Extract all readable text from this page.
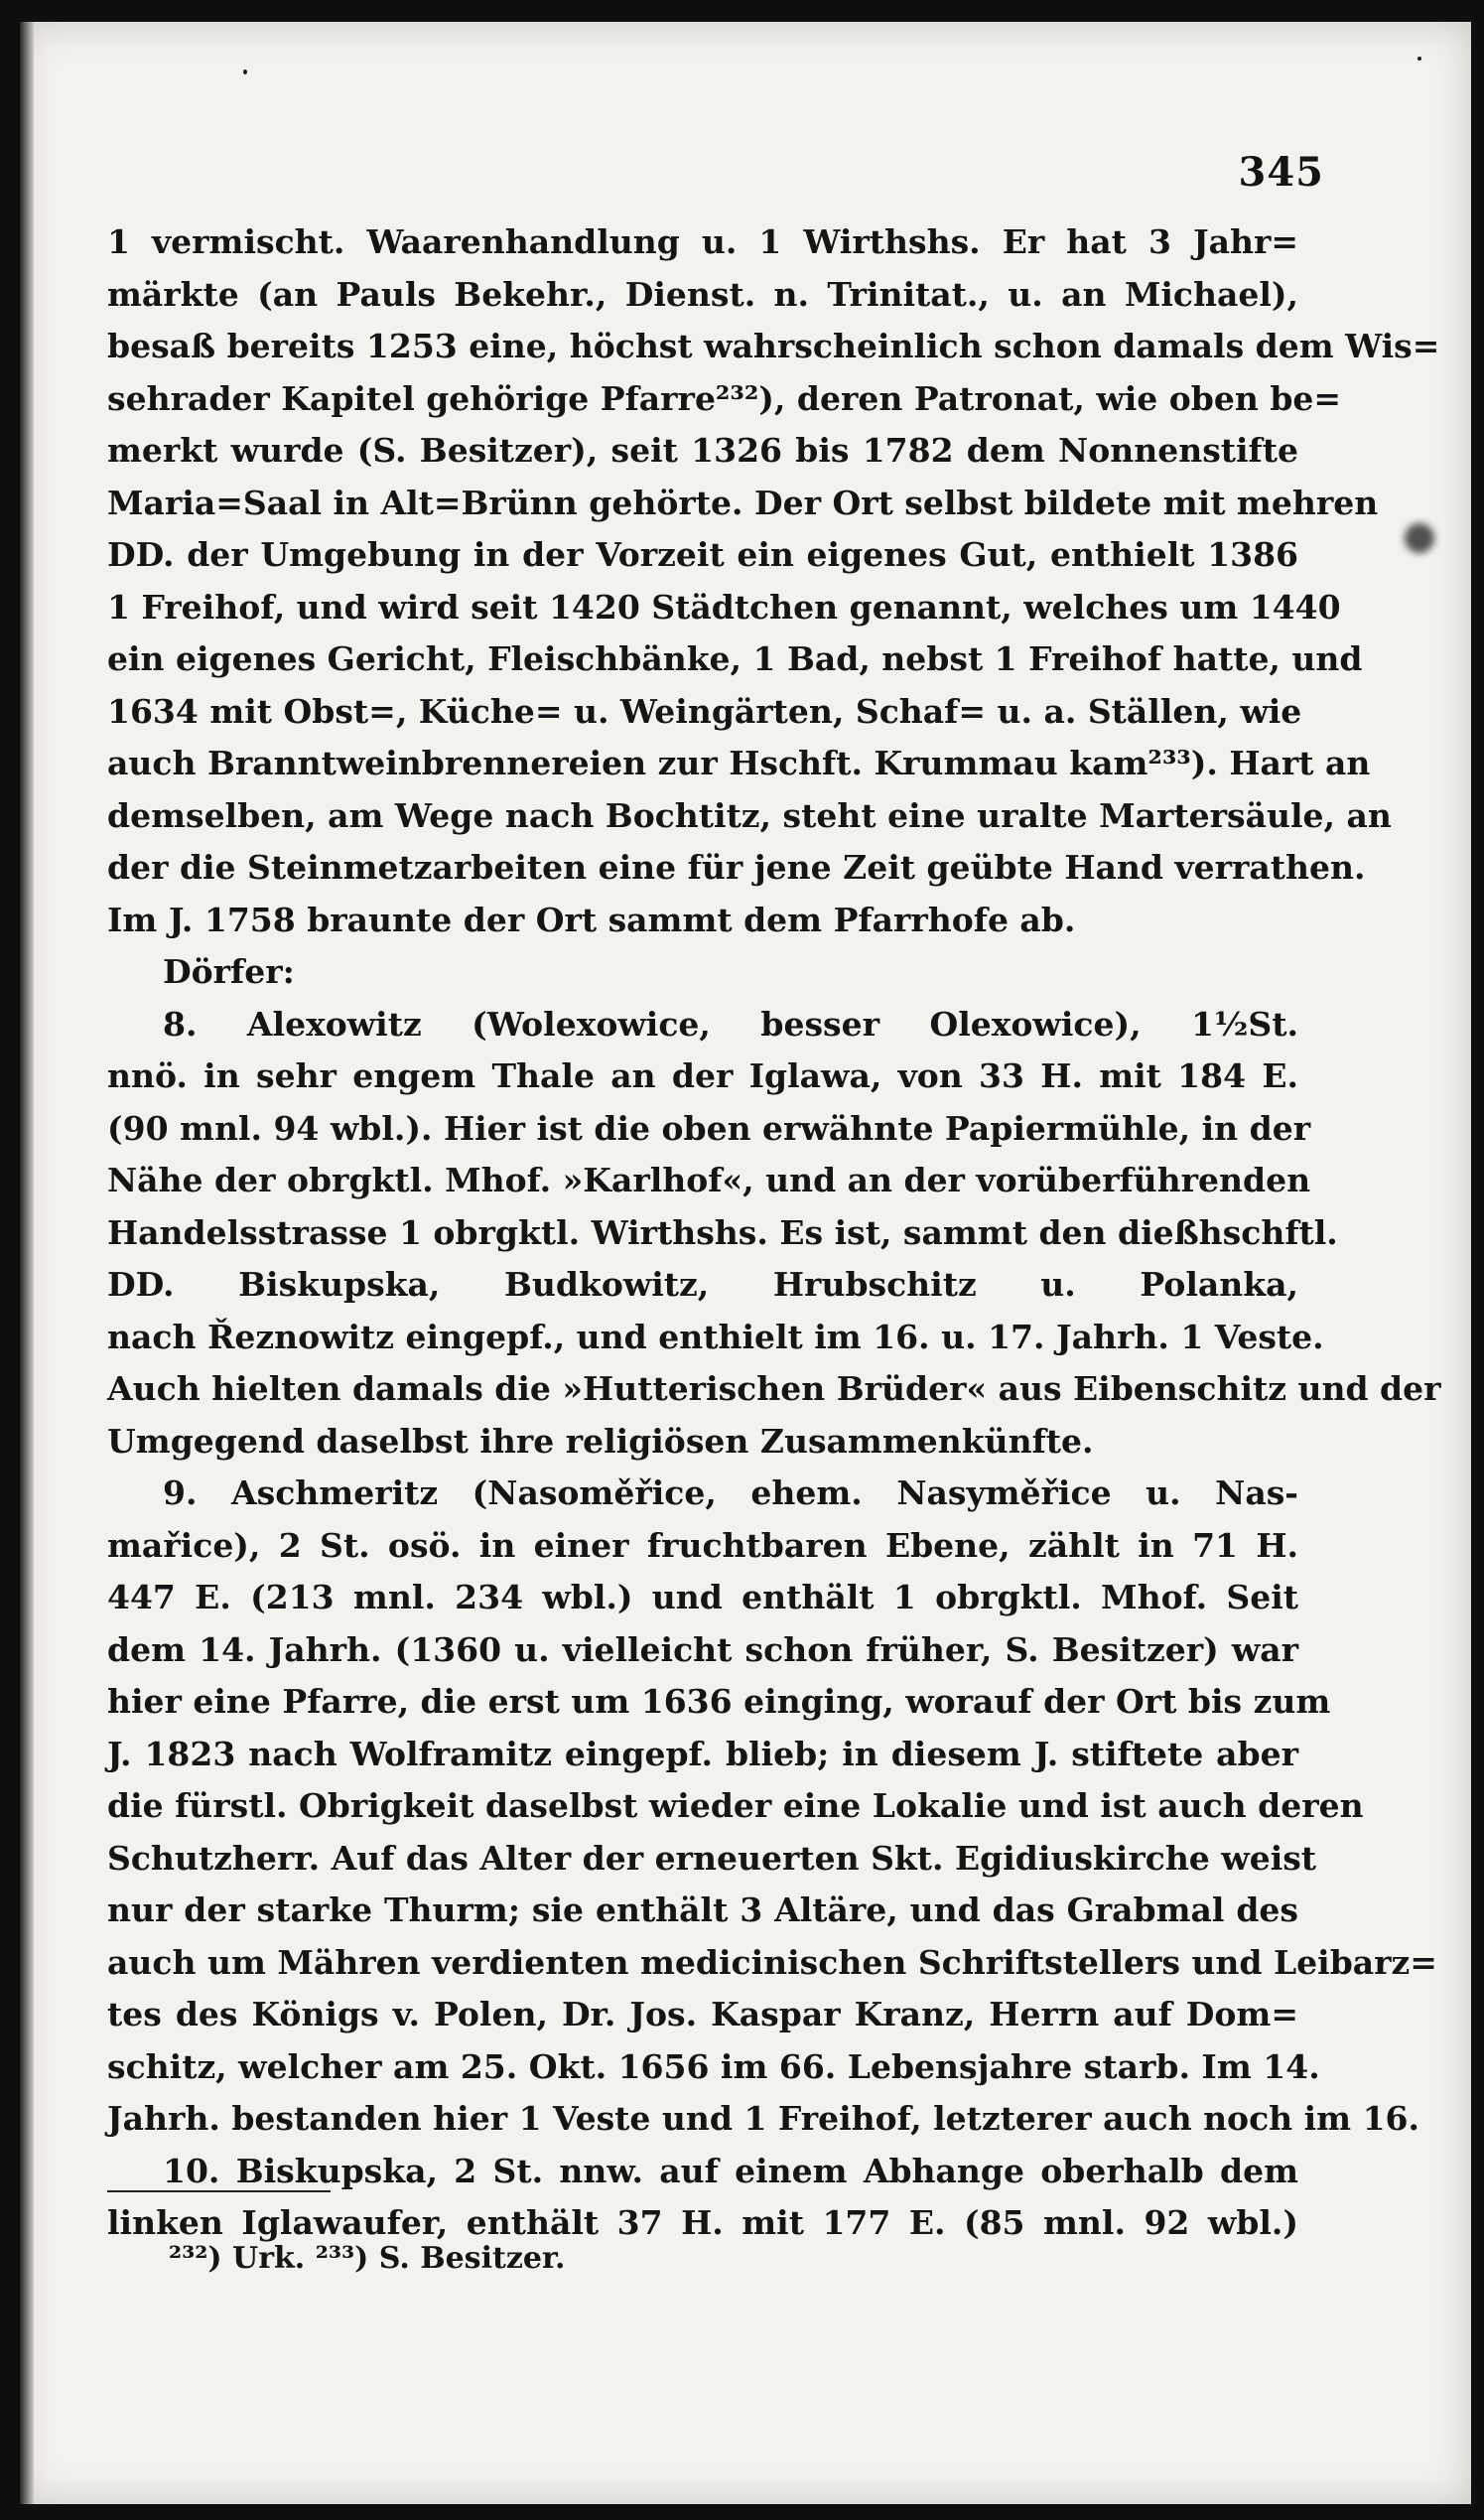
345
1 vermischt. Waarenhandlung u. 1 Wirthshs. Er hat 3 Jahr=
märkte (an Pauls Bekehr., Dienst. n. Trinitat., u. an Michael),
besaß bereits 1253 eine, höchst wahrscheinlich schon damals dem Wis=
sehrader Kapitel gehörige Pfarre²³²), deren Patronat, wie oben be=
merkt wurde (S. Besitzer), seit 1326 bis 1782 dem Nonnenstifte
Maria=Saal in Alt=Brünn gehörte. Der Ort selbst bildete mit mehren
DD. der Umgebung in der Vorzeit ein eigenes Gut, enthielt 1386
1 Freihof, und wird seit 1420 Städtchen genannt, welches um 1440
ein eigenes Gericht, Fleischbänke, 1 Bad, nebst 1 Freihof hatte, und
1634 mit Obst=, Küche= u. Weingärten, Schaf= u. a. Ställen, wie
auch Branntweinbrennereien zur Hschft. Krummau kam²³³). Hart an
demselben, am Wege nach Bochtitz, steht eine uralte Martersäule, an
der die Steinmetzarbeiten eine für jene Zeit geübte Hand verrathen.
Im J. 1758 braunte der Ort sammt dem Pfarrhofe ab.
Dörfer:
8. Alexowitz (Wolexowice, besser Olexowice), 1½St.
nnö. in sehr engem Thale an der Iglawa, von 33 H. mit 184 E.
(90 mnl. 94 wbl.). Hier ist die oben erwähnte Papiermühle, in der
Nähe der obrgktl. Mhof. »Karlhof«, und an der vorüberführenden
Handelsstrasse 1 obrgktl. Wirthshs. Es ist, sammt den dießhschftl.
DD. Biskupska, Budkowitz, Hrubschitz u. Polanka,
nach Řeznowitz eingepf., und enthielt im 16. u. 17. Jahrh. 1 Veste.
Auch hielten damals die »Hutterischen Brüder« aus Eibenschitz und der
Umgegend daselbst ihre religiösen Zusammenkünfte.
9. Aschmeritz (Nasoměřice, ehem. Nasyměřice u. Nas-
mařice), 2 St. osö. in einer fruchtbaren Ebene, zählt in 71 H.
447 E. (213 mnl. 234 wbl.) und enthält 1 obrgktl. Mhof. Seit
dem 14. Jahrh. (1360 u. vielleicht schon früher, S. Besitzer) war
hier eine Pfarre, die erst um 1636 einging, worauf der Ort bis zum
J. 1823 nach Wolframitz eingepf. blieb; in diesem J. stiftete aber
die fürstl. Obrigkeit daselbst wieder eine Lokalie und ist auch deren
Schutzherr. Auf das Alter der erneuerten Skt. Egidiuskirche weist
nur der starke Thurm; sie enthält 3 Altäre, und das Grabmal des
auch um Mähren verdienten medicinischen Schriftstellers und Leibarz=
tes des Königs v. Polen, Dr. Jos. Kaspar Kranz, Herrn auf Dom=
schitz, welcher am 25. Okt. 1656 im 66. Lebensjahre starb. Im 14.
Jahrh. bestanden hier 1 Veste und 1 Freihof, letzterer auch noch im 16.
10. Biskupska, 2 St. nnw. auf einem Abhange oberhalb dem
linken Iglawaufer, enthält 37 H. mit 177 E. (85 mnl. 92 wbl.)
²³²) Urk. ²³³) S. Besitzer.
